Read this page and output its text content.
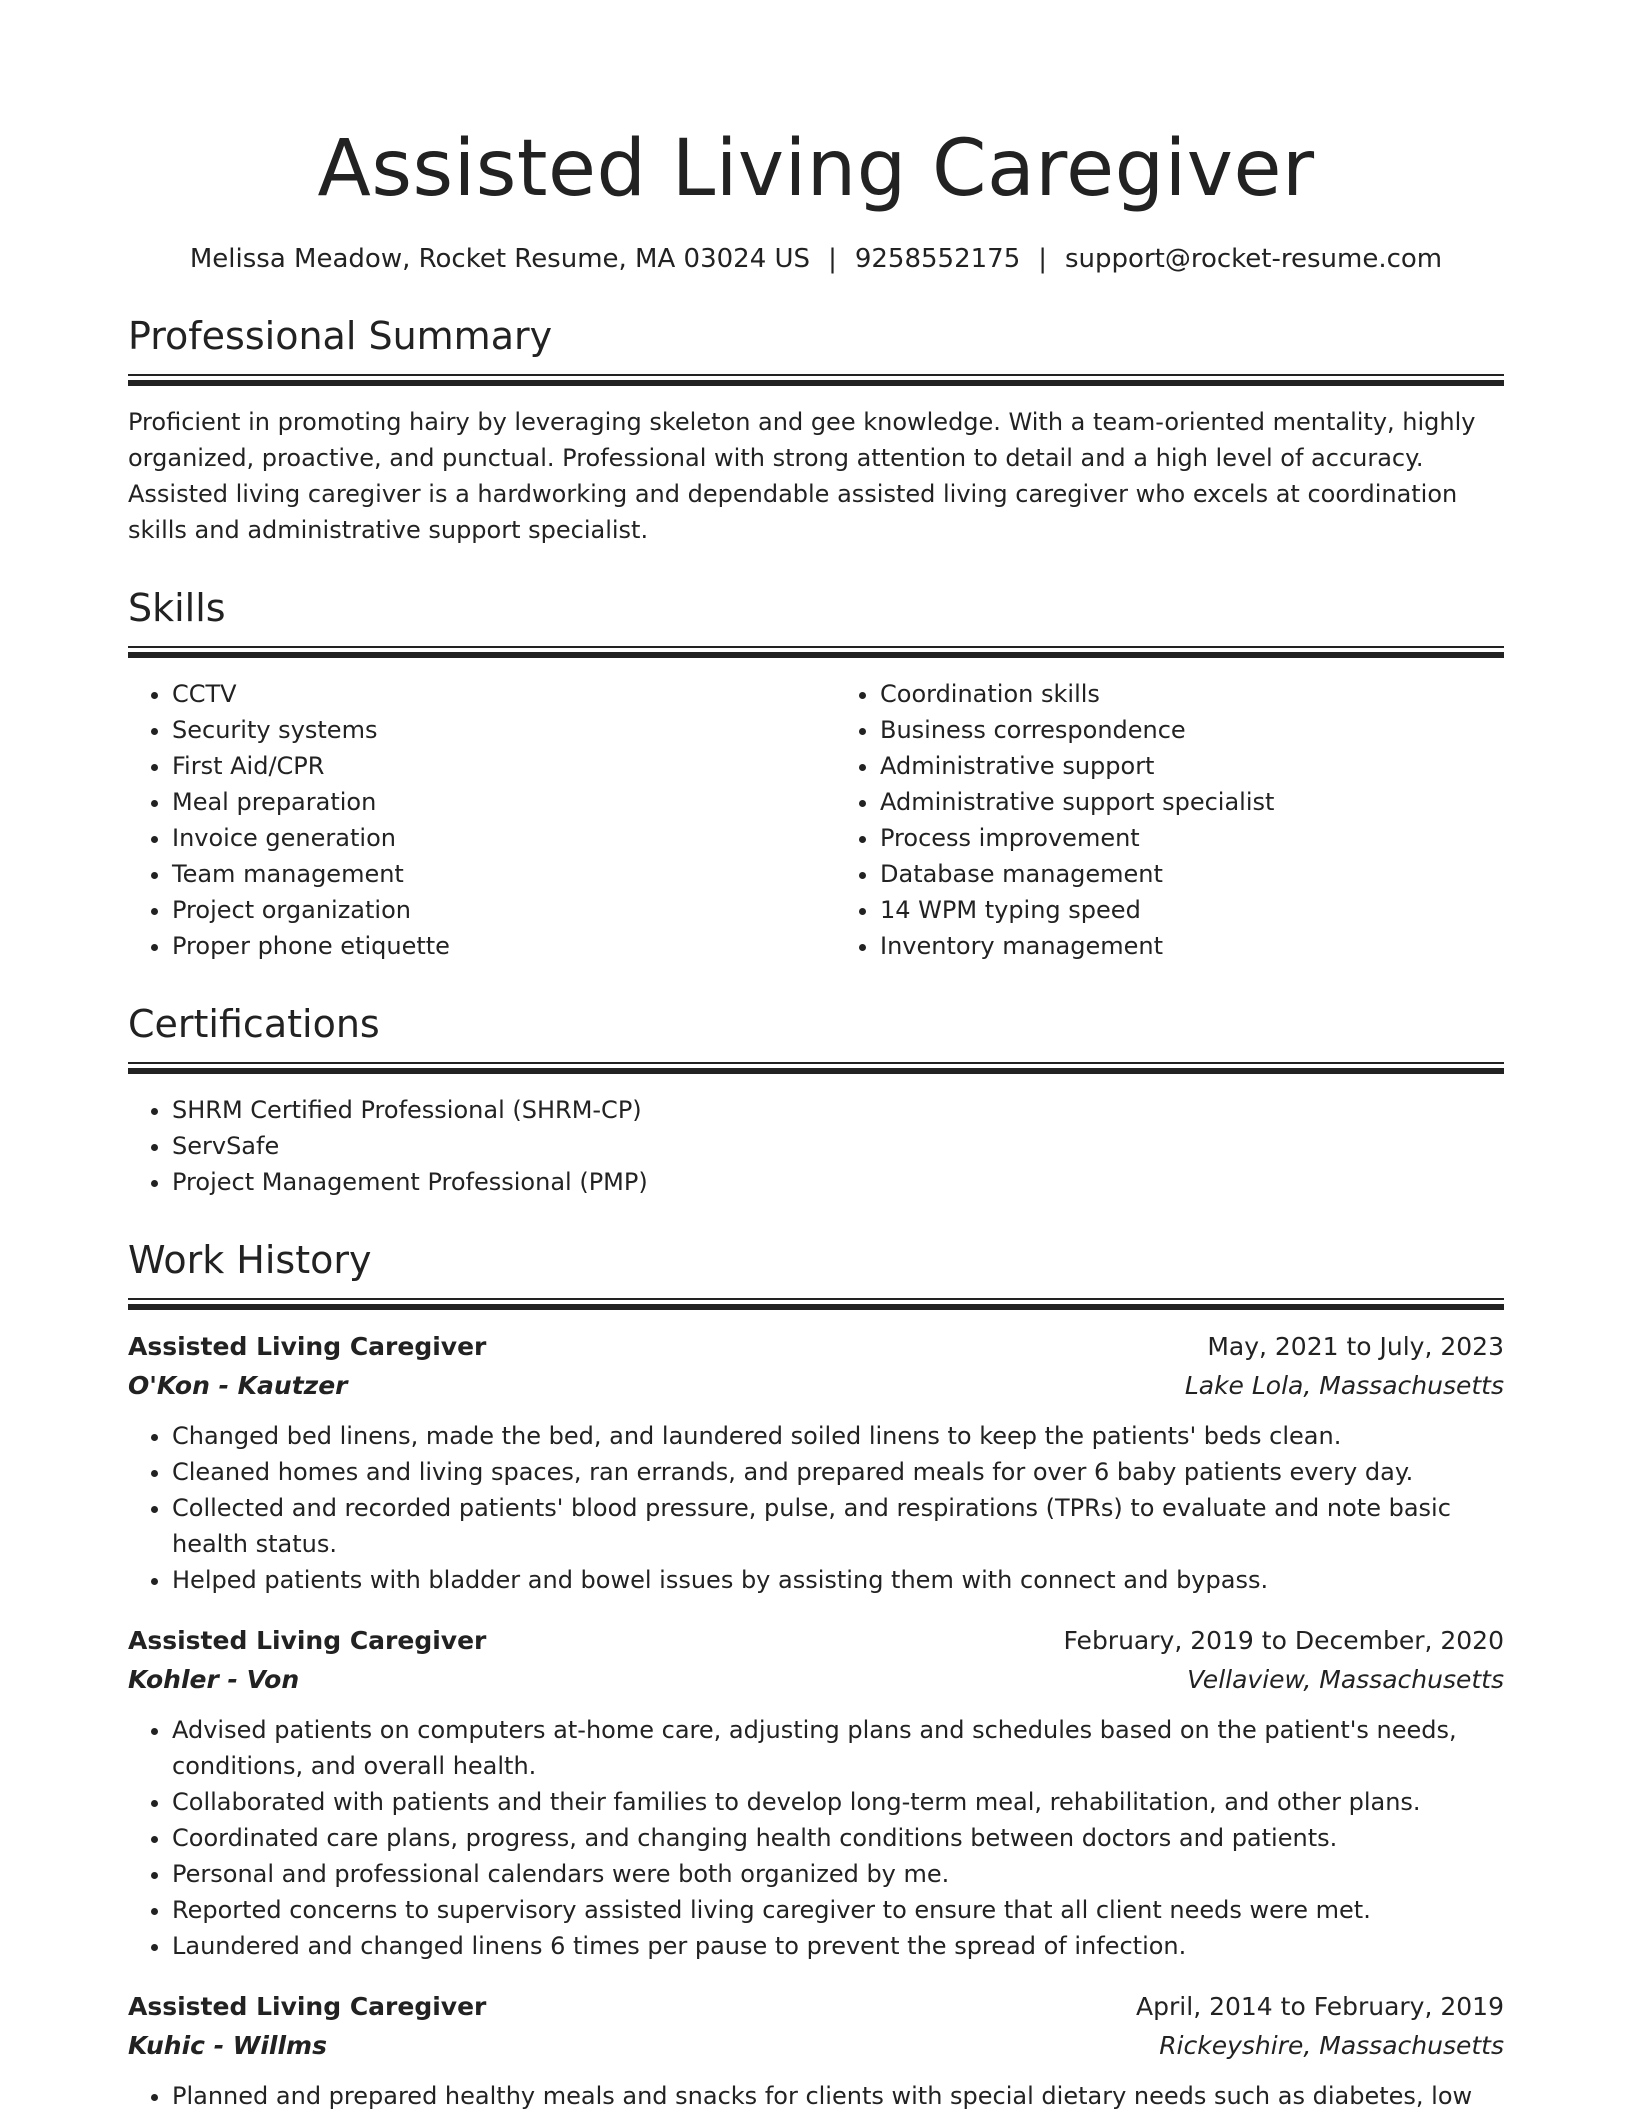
Assisted Living Caregiver
Melissa Meadow, Rocket Resume, MA 03024 US | 9258552175 | support@rocket-resume.com
Professional Summary

Proficient in promoting hairy by leveraging skeleton and gee knowledge. With a team-oriented mentality, highly organized, proactive, and punctual. Professional with strong attention to detail and a high level of accuracy. Assisted living caregiver is a hardworking and dependable assisted living caregiver who excels at coordination skills and administrative support specialist.

Skills
• CCTV
• Security systems
• First Aid/CPR
• Meal preparation
• Invoice generation
• Team management
• Project organization
• Proper phone etiquette
• Coordination skills
• Business correspondence
• Administrative support
• Administrative support specialist
• Process improvement
• Database management
• 14 WPM typing speed
• Inventory management
Certifications
• SHRM Certified Professional (SHRM-CP)
• ServSafe
• Project Management Professional (PMP)
Work History
Assisted Living Caregiver	May, 2021 to July, 2023
O'Kon - Kautzer	Lake Lola, Massachusetts
• Changed bed linens, made the bed, and laundered soiled linens to keep the patients' beds clean.
• Cleaned homes and living spaces, ran errands, and prepared meals for over 6 baby patients every day.
• Collected and recorded patients' blood pressure, pulse, and respirations (TPRs) to evaluate and note basic health status.
• Helped patients with bladder and bowel issues by assisting them with connect and bypass.
Assisted Living Caregiver	February, 2019 to December, 2020
Kohler - Von	Vellaview, Massachusetts
• Advised patients on computers at-home care, adjusting plans and schedules based on the patient's needs, conditions, and overall health.
• Collaborated with patients and their families to develop long-term meal, rehabilitation, and other plans.
• Coordinated care plans, progress, and changing health conditions between doctors and patients.
• Personal and professional calendars were both organized by me.
• Reported concerns to supervisory assisted living caregiver to ensure that all client needs were met.
• Laundered and changed linens 6 times per pause to prevent the spread of infection.
Assisted Living Caregiver	April, 2014 to February, 2019
Kuhic - Willms	Rickeyshire, Massachusetts
• Planned and prepared healthy meals and snacks for clients with special dietary needs such as diabetes, low
